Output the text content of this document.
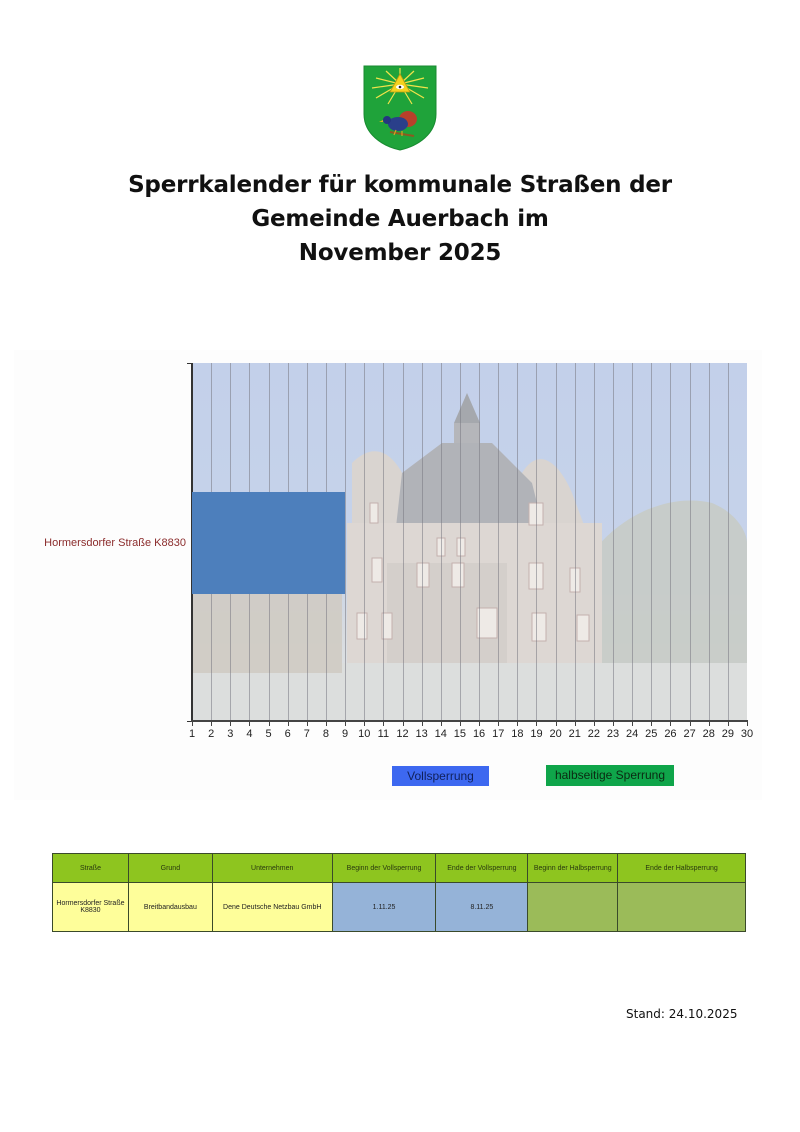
Sperrkalender für kommunale Straßen der
Gemeinde Auerbach im
November 2025
1	2	3	4	5	6	7	8	9 10 11 12 13 14 15 16 17 18 19 20 21 22 23 24 25 26 27 28 29 30
Hormersdorfer Straße K8830
Vollsperrung	halbseitige Sperrung
Straße	Grund	Unternehmen	Beginn der Vollsperrung	Ende der Vollsperrung	Beginn der Halbsperrung	Ende der Halbsperrung
Hormersdorfer Straße K8830	Breitbandausbau	Dene Deutsche Netzbau GmbH	1.11.25	8.11.25		
Stand: 24.10.2025
